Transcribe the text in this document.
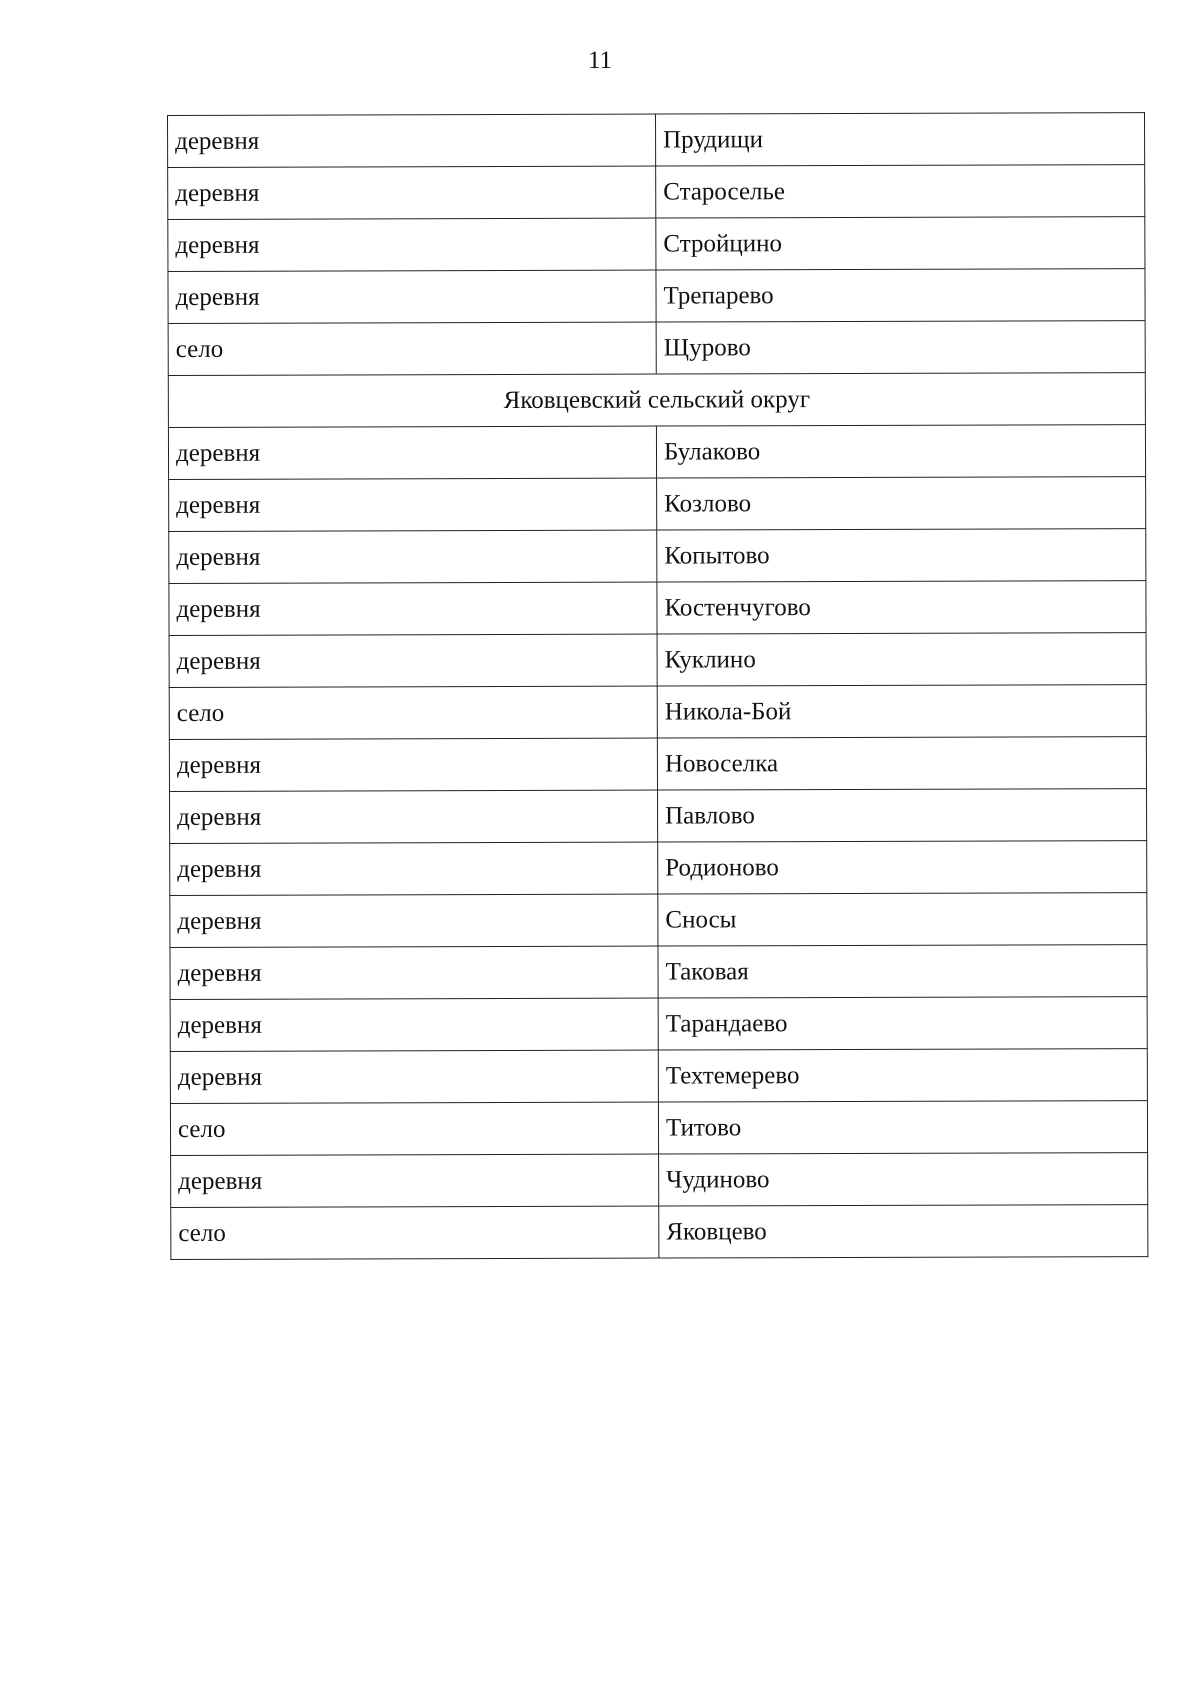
11
деревня	Прудищи
деревня	Староселье
деревня	Стройцино
деревня	Трепарево
село	Щурово
Яковцевский сельский округ	
деревня	Булаково
деревня	Козлово
деревня	Копытово
деревня	Костенчугово
деревня	Куклино
село	Никола-Бой
деревня	Новоселка
деревня	Павлово
деревня	Родионово
деревня	Сносы
деревня	Таковая
деревня	Тарандаево
деревня	Техтемерево
село	Титово
деревня	Чудиново
село	Яковцево
